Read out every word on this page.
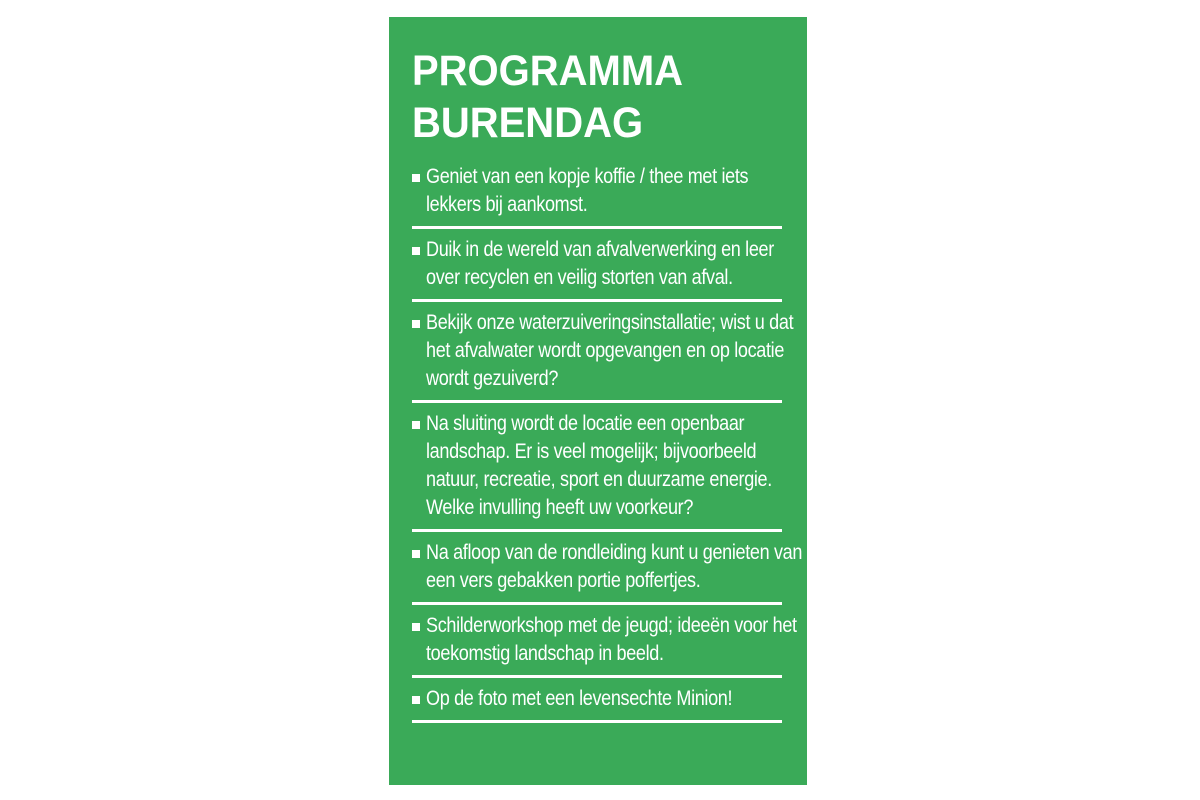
PROGRAMMA
BURENDAG
Geniet van een kopje koffie / thee met iets lekkers bij aankomst.
Duik in de wereld van afvalverwerking en leer over recyclen en veilig storten van afval.
Bekijk onze waterzuiveringsinstallatie; wist u dat het afvalwater wordt opgevangen en op locatie wordt gezuiverd?
Na sluiting wordt de locatie een openbaar landschap. Er is veel mogelijk; bijvoorbeeld natuur, recreatie, sport en duurzame energie. Welke invulling heeft uw voorkeur?
Na afloop van de rondleiding kunt u genieten van een vers gebakken portie poffertjes.
Schilderworkshop met de jeugd; ideeën voor het toekomstig landschap in beeld.
Op de foto met een levensechte Minion!
